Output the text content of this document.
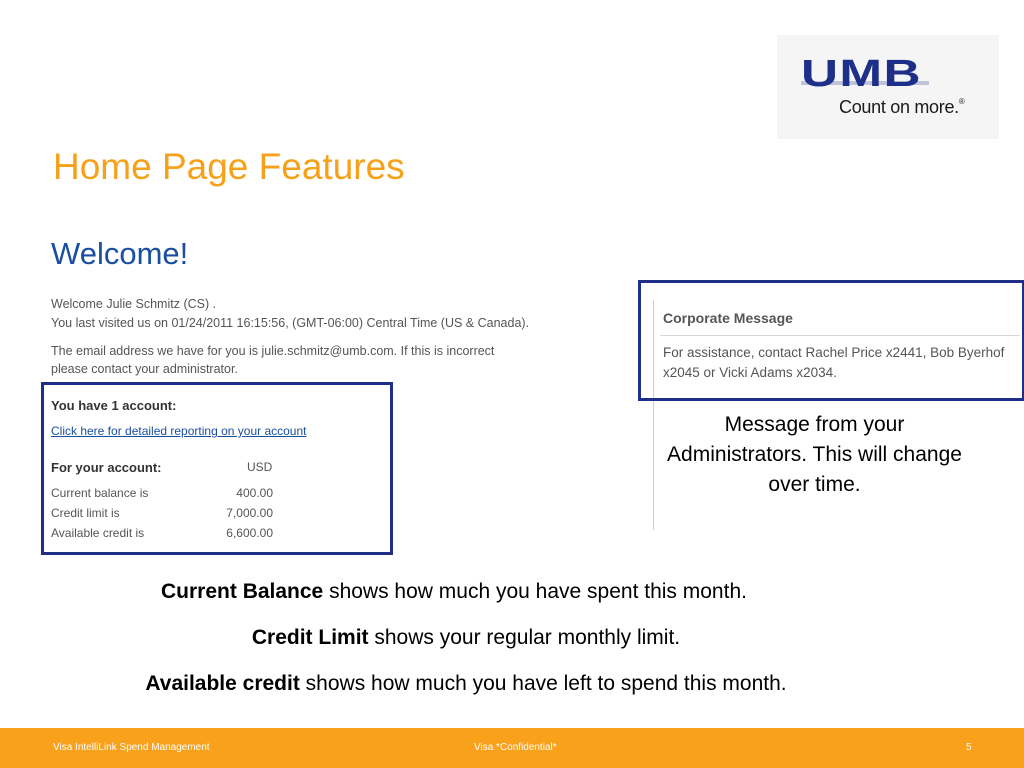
UMB
Count on more.®
Home Page Features
Welcome!
Welcome Julie Schmitz (CS) .
You last visited us on 01/24/2011 16:15:56, (GMT-06:00) Central Time (US & Canada).
The email address we have for you is julie.schmitz@umb.com. If this is incorrect
please contact your administrator.
You have 1 account:
Click here for detailed reporting on your account
For your account:	USD
Current balance is	400.00
Credit limit is	7,000.00
Available credit is	6,600.00
Corporate Message
For assistance, contact Rachel Price x2441, Bob Byerhof x2045 or Vicki Adams x2034.
Message from your Administrators. This will change over time.
Current Balance shows how much you have spent this month.
Credit Limit shows your regular monthly limit.
Available credit shows how much you have left to spend this month.
Visa IntelliLink Spend Management	Visa *Confidential*	5
